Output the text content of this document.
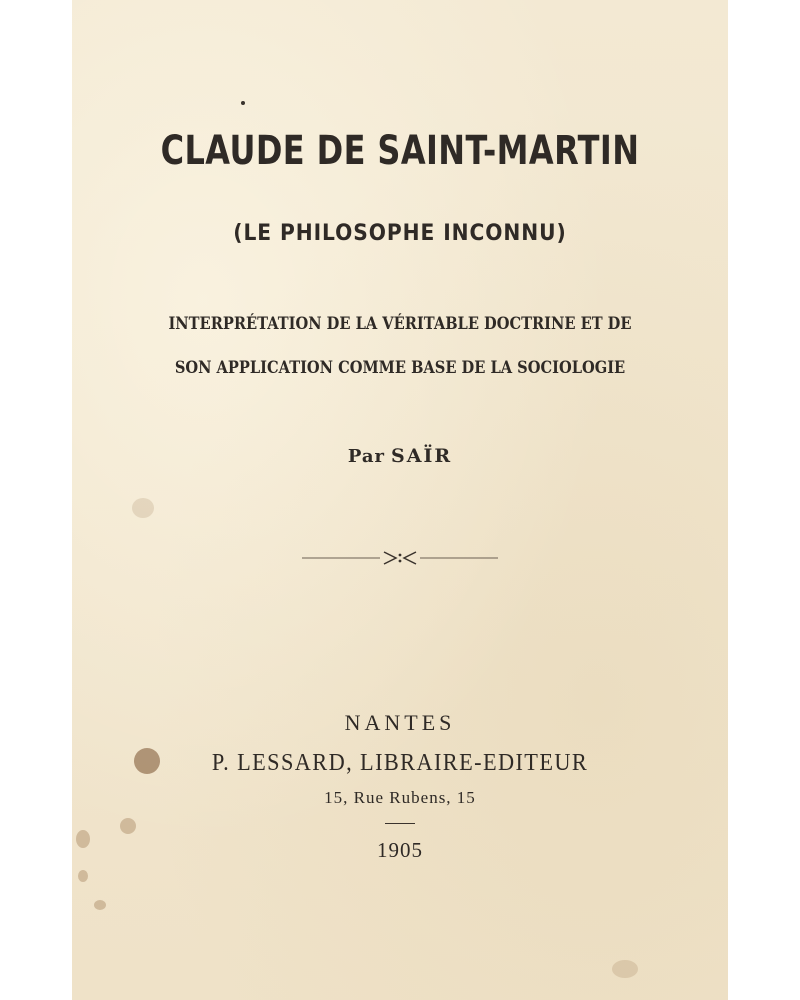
CLAUDE DE SAINT-MARTIN
(LE PHILOSOPHE INCONNU)
INTERPRÉTATION DE LA VÉRITABLE DOCTRINE ET DE
SON APPLICATION COMME BASE DE LA SOCIOLOGIE
Par SAÏR
NANTES
P. LESSARD, LIBRAIRE-EDITEUR
15, Rue Rubens, 15
1905
